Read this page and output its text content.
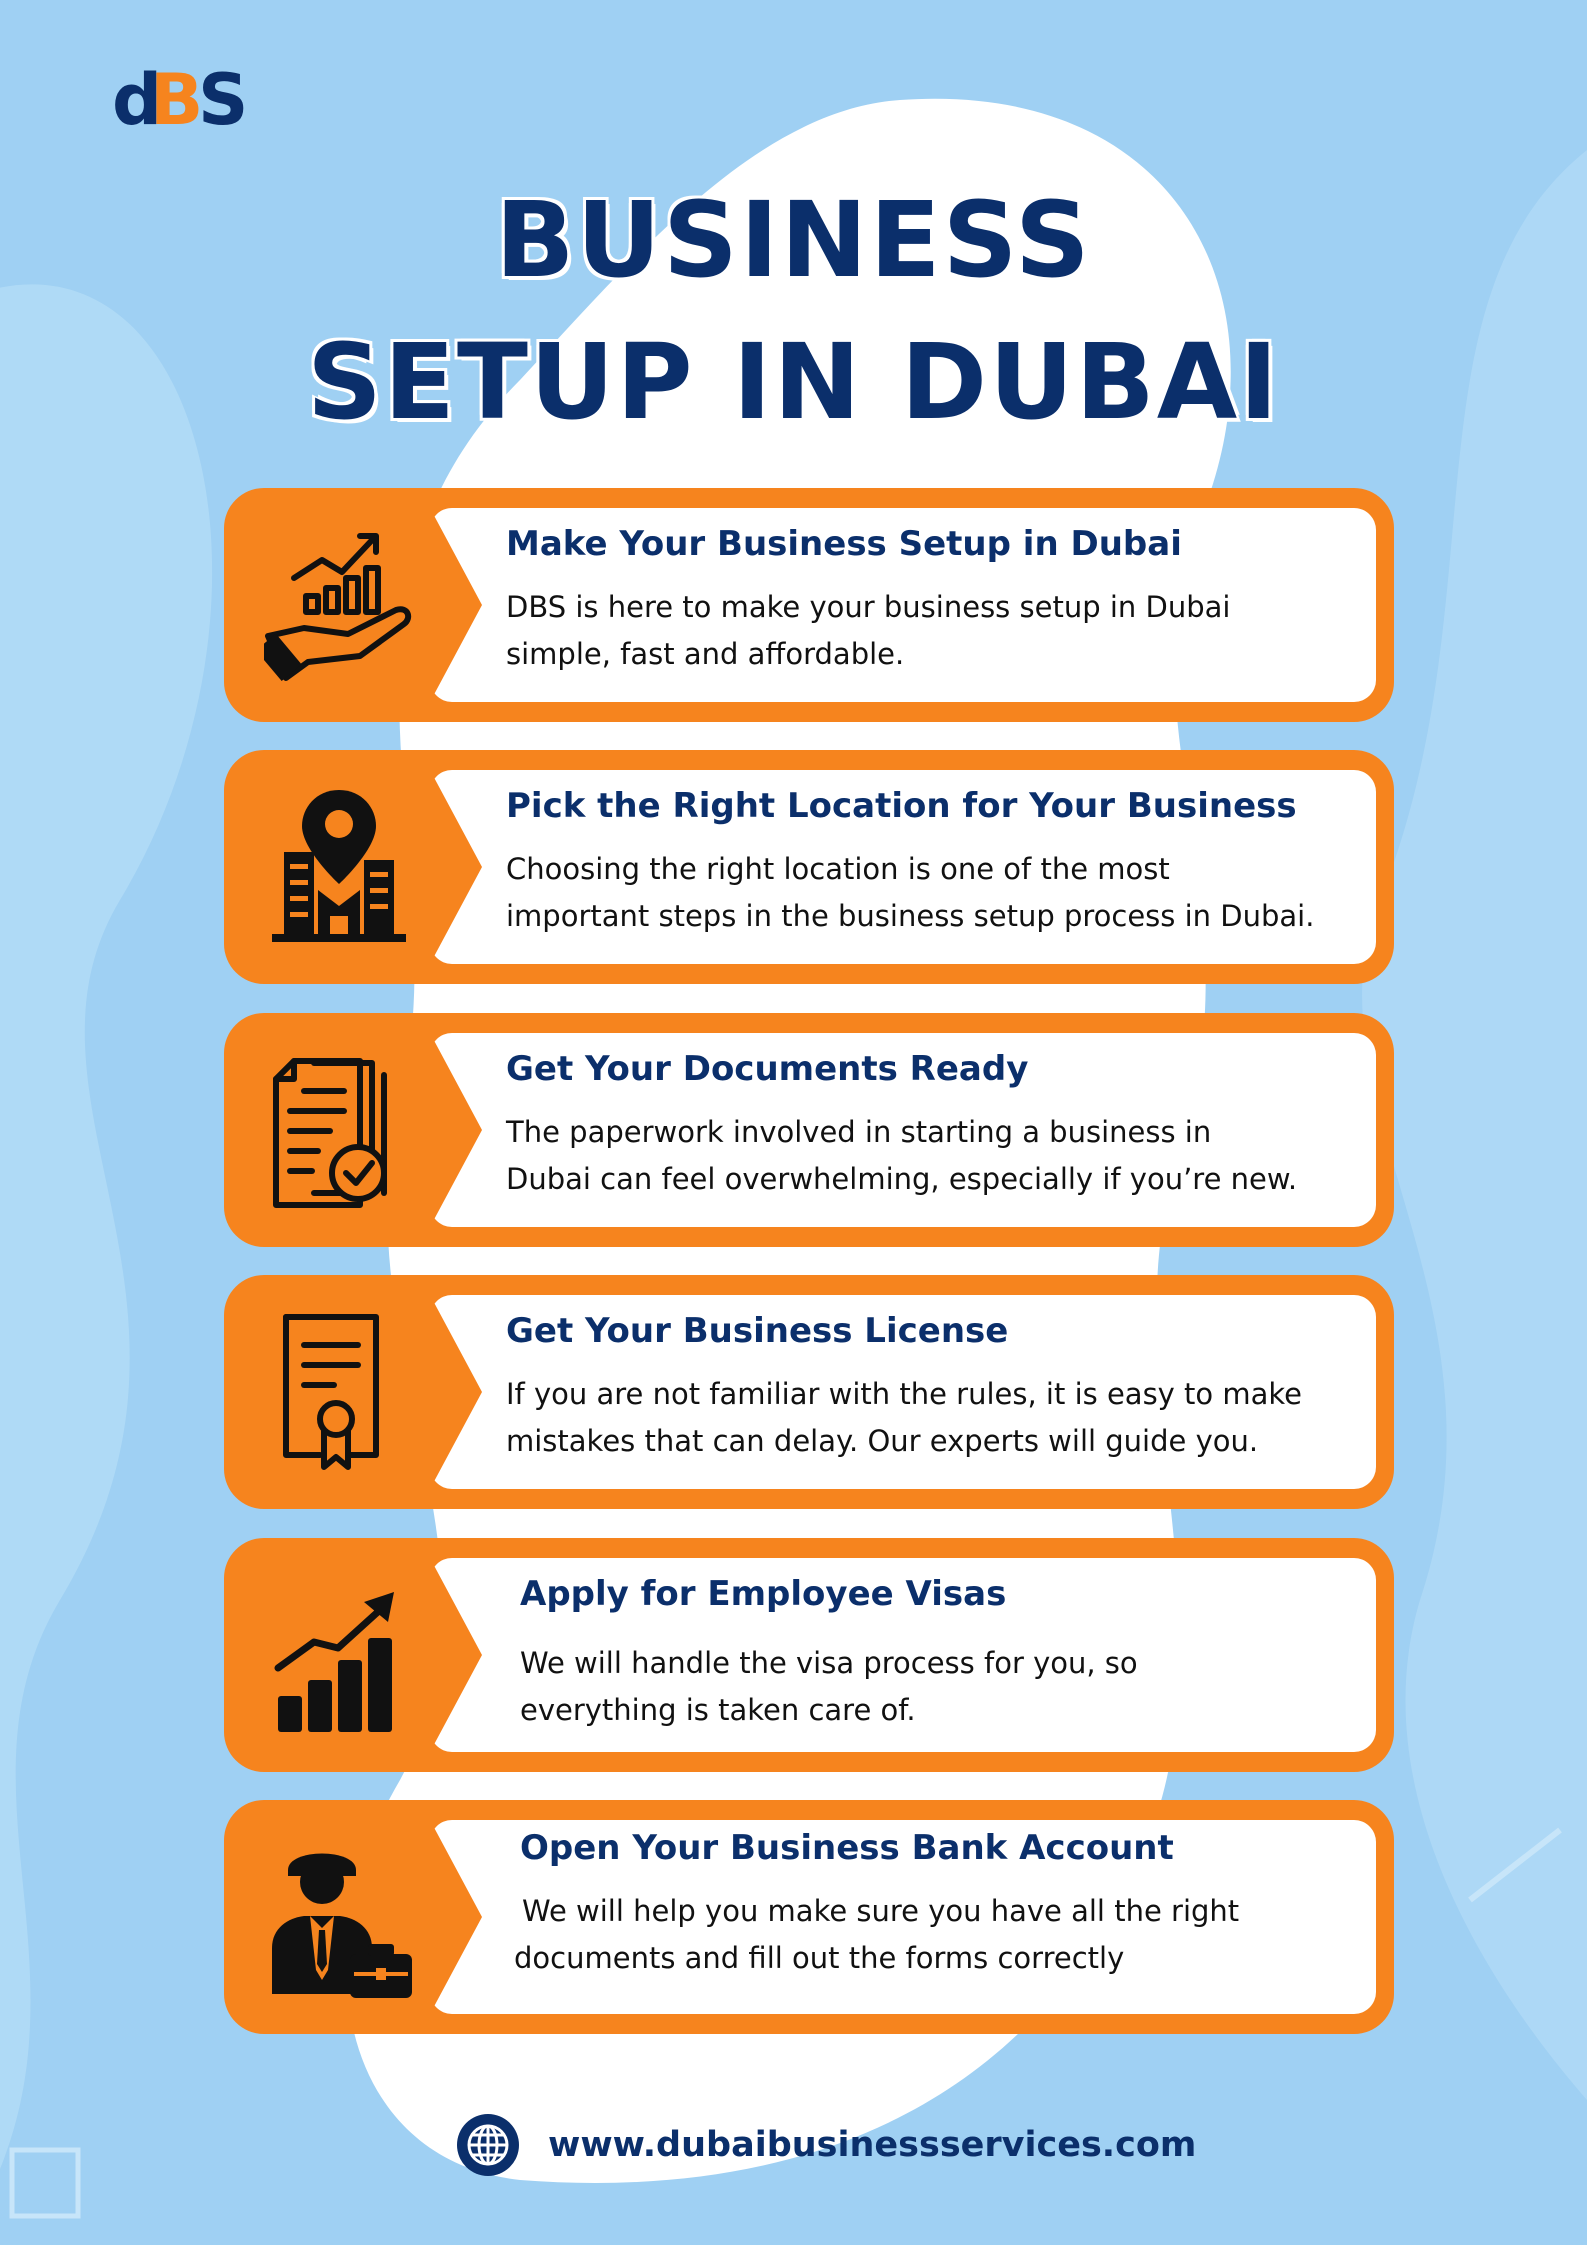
d
B
S
BUSINESS
SETUP IN DUBAI

Make Your Business Setup in Dubai

DBS is here to make your business setup in Dubai
simple, fast and affordable.

Pick the Right Location for Your Business

Choosing the right location is one of the most
important steps in the business setup process in Dubai.

Get Your Documents Ready

The paperwork involved in starting a business in
Dubai can feel overwhelming, especially if you’re new.

Get Your Business License

If you are not familiar with the rules, it is easy to make
mistakes that can delay. Our experts will guide you.

Apply for Employee Visas

We will handle the visa process for you, so
everything is taken care of.

Open Your Business Bank Account

We will help you make sure you have all the right
documents and fill out the forms correctly

www.dubaibusinessservices.com
